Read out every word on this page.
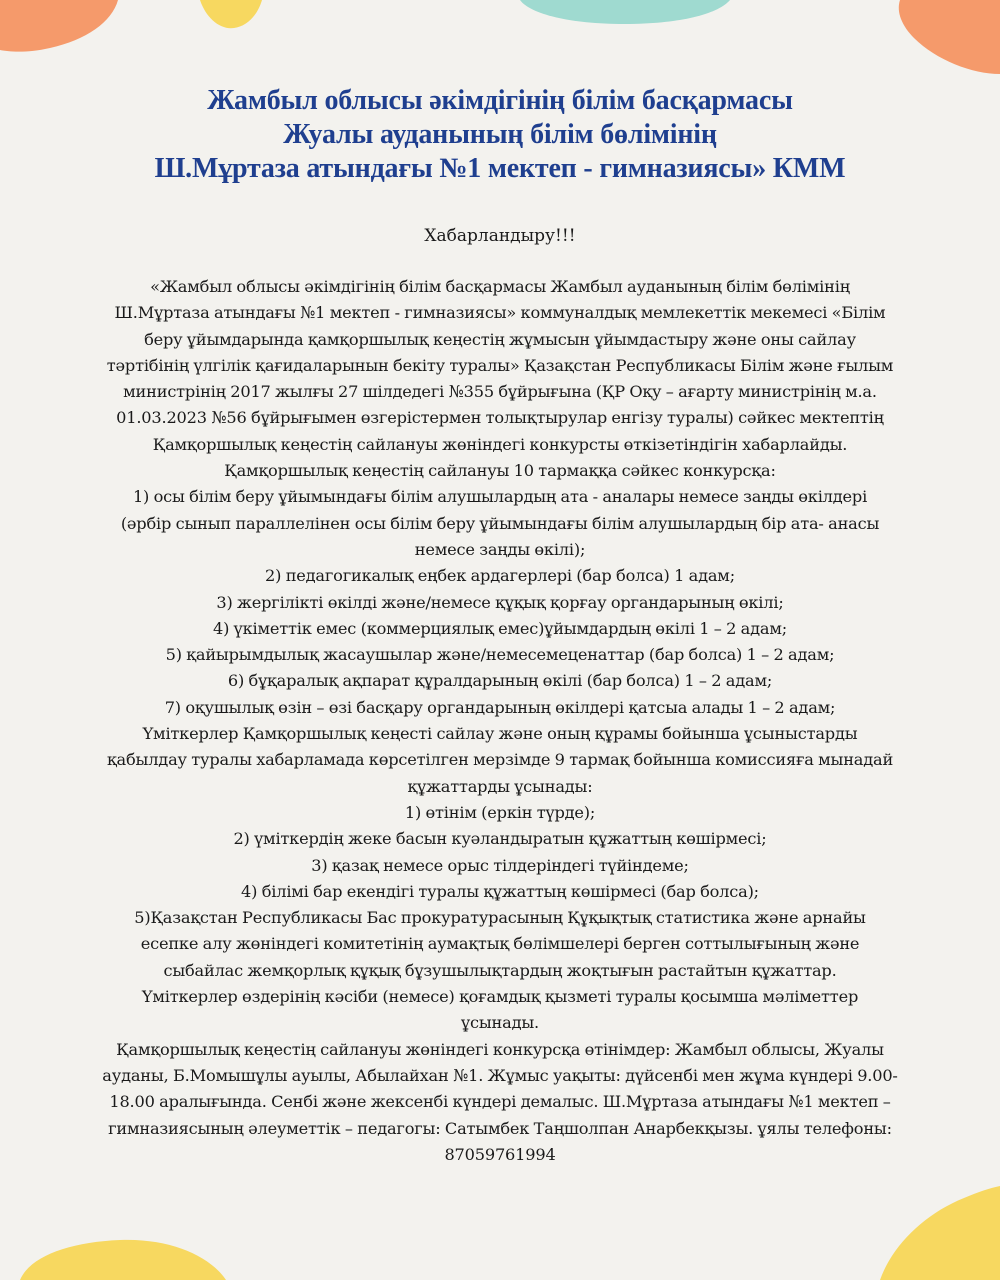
Жамбыл облысы әкімдігінің білім басқармасы
Жуалы ауданының білім бөлімінің
Ш.Мұртаза атындағы №1 мектеп - гимназиясы» КММ
Хабарландыру!!!
«Жамбыл облысы әкімдігінің білім басқармасы Жамбыл ауданының білім бөлімінің
Ш.Мұртаза атындағы №1 мектеп - гимназиясы» коммуналдық мемлекеттік мекемесі «Білім
беру ұйымдарында қамқоршылық кеңестің жұмысын ұйымдастыру және оны сайлау
тәртібінің үлгілік қағидаларынын бекіту туралы» Қазақстан Республикасы Білім және ғылым
министрінің 2017 жылғы 27 шілдедегі №355 бұйрығына (ҚР Оқу – ағарту министрінің м.а.
01.03.2023 №56 бұйрығымен өзгерістермен толықтырулар енгізу туралы) сәйкес мектептің
Қамқоршылық кеңестің сайлануы жөніндегі конкурсты өткізетіндігін хабарлайды.
Қамқоршылық кеңестің сайлануы 10 тармаққа сәйкес конкурсқа:
1) осы білім беру ұйымындағы білім алушылардың ата - аналары немесе заңды өкілдері
(әрбір сынып параллелінен осы білім беру ұйымындағы білім алушылардың бір ата- анасы
немесе заңды өкілі);
2) педагогикалық еңбек ардагерлері (бар болса) 1 адам;
3) жергілікті өкілді және/немесе құқық қорғау органдарының өкілі;
4) үкіметтік емес (коммерциялық емес)ұйымдардың өкілі 1 – 2 адам;
5) қайырымдылық жасаушылар және/немесемеценаттар (бар болса) 1 – 2 адам;
6) бұқаралық ақпарат құралдарының өкілі (бар болса) 1 – 2 адам;
7) оқушылық өзін – өзі басқару органдарының өкілдері қатсыа алады 1 – 2 адам;
Үміткерлер Қамқоршылық кеңесті сайлау және оның құрамы бойынша ұсыныстарды
қабылдау туралы хабарламада көрсетілген мерзімде 9 тармақ бойынша комиссияға мынадай
құжаттарды ұсынады:
1) өтінім (еркін түрде);
2) үміткердің жеке басын куәландыратын құжаттың көшірмесі;
3) қазақ немесе орыс тілдеріндегі түйіндеме;
4) білімі бар екендігі туралы құжаттың көшірмесі (бар болса);
5)Қазақстан Республикасы Бас прокуратурасының Құқықтық статистика және арнайы
есепке алу жөніндегі комитетінің аумақтық бөлімшелері берген соттылығының және
сыбайлас жемқорлық құқық бұзушылықтардың жоқтығын растайтын құжаттар.
Үміткерлер өздерінің кәсіби (немесе) қоғамдық қызметі туралы қосымша мәліметтер
ұсынады.
Қамқоршылық кеңестің сайлануы жөніндегі конкурсқа өтінімдер: Жамбыл облысы, Жуалы
ауданы, Б.Момышұлы ауылы, Абылайхан №1. Жұмыс уақыты: дүйсенбі мен жұма күндері 9.00-
18.00 аралығында. Сенбі және жексенбі күндері демалыс. Ш.Мұртаза атындағы №1 мектеп –
гимназиясының әлеуметтік – педагогы: Сатымбек Таңшолпан Анарбекқызы. ұялы телефоны:
87059761994
